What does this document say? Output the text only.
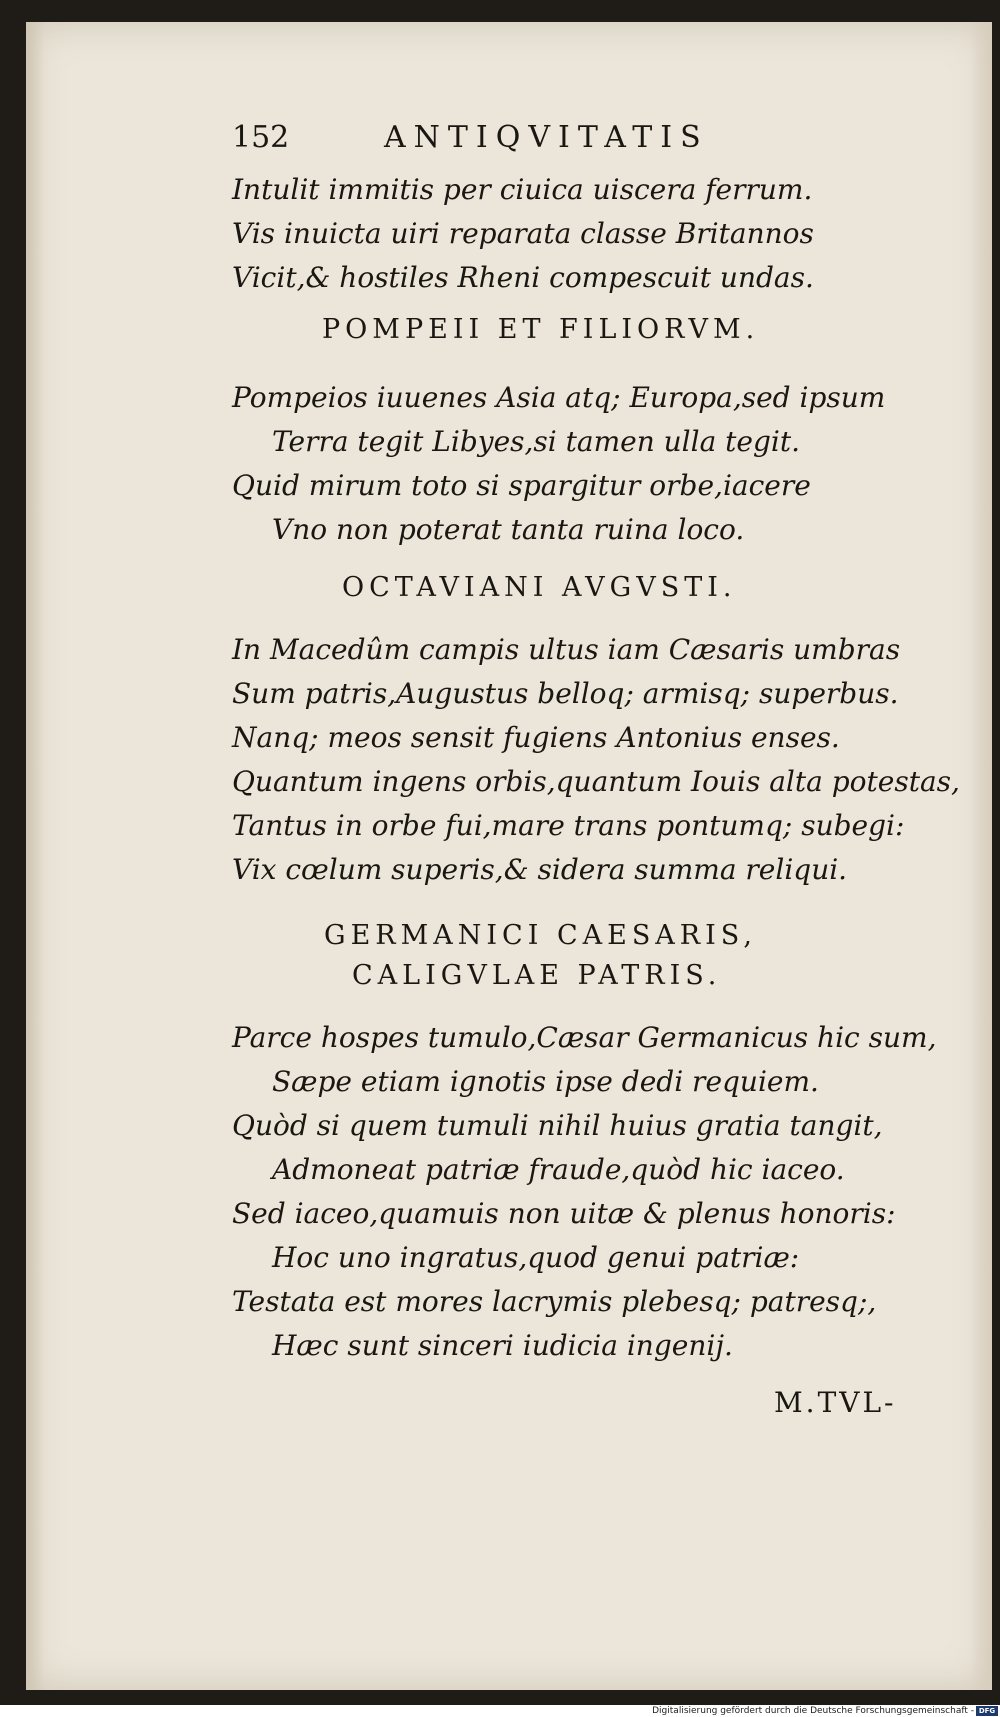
152	ANTIQVITATIS
Intulit immitis per ciuica uiscera ferrum.
Vis inuicta uiri reparata classe Britannos
Vicit,& hostiles Rheni compescuit undas.
POMPEII ET FILIORVM.
Pompeios iuuenes Asia atq; Europa,sed ipsum
Terra tegit Libyes,si tamen ulla tegit.
Quid mirum toto si spargitur orbe,iacere
Vno non poterat tanta ruina loco.
OCTAVIANI AVGVSTI.
In Macedûm campis ultus iam Cæsaris umbras
Sum patris,Augustus belloq; armisq; superbus.
Nanq; meos sensit fugiens Antonius enses.
Quantum ingens orbis,quantum Iouis alta potestas,
Tantus in orbe fui,mare trans pontumq; subegi:
Vix cœlum superis,& sidera summa reliqui.
GERMANICI CAESARIS,
CALIGVLAE PATRIS.
Parce hospes tumulo,Cæsar Germanicus hic sum,
Sæpe etiam ignotis ipse dedi requiem.
Quòd si quem tumuli nihil huius gratia tangit,
Admoneat patriæ fraude,quòd hic iaceo.
Sed iaceo,quamuis non uitæ & plenus honoris:
Hoc uno ingratus,quod genui patriæ:
Testata est mores lacrymis plebesq; patresq;,
Hæc sunt sinceri iudicia ingenij.
M.TVL-
Digitalisierung gefördert durch die Deutsche Forschungsgemeinschaft - DFG
